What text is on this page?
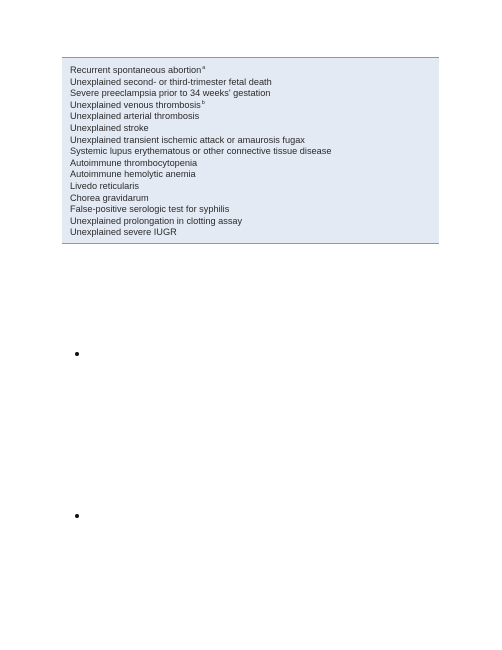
Recurrent spontaneous abortion$^a$
Unexplained second- or third-trimester fetal death
Severe preeclampsia prior to 34 weeks' gestation
Unexplained venous thrombosis$^b$
Unexplained arterial thrombosis
Unexplained stroke
Unexplained transient ischemic attack or amaurosis fugax
Systemic lupus erythematous or other connective tissue disease
Autoimmune thrombocytopenia
Autoimmune hemolytic anemia
Livedo reticularis
Chorea gravidarum
False-positive serologic test for syphilis
Unexplained prolongation in clotting assay
Unexplained severe IUGR
